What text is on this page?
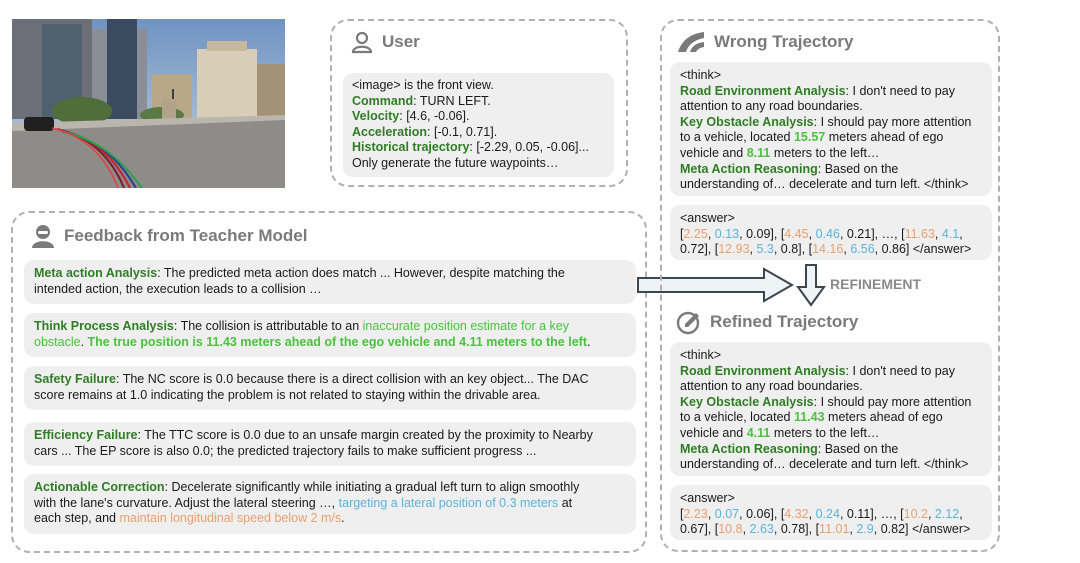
User
<image> is the front view.
Command: TURN LEFT.
Velocity: [4.6, -0.06].
Acceleration: [-0.1, 0.71].
Historical trajectory: [-2.29, 0.05, -0.06]...
Only generate the future waypoints…
Feedback from Teacher Model
Meta action Analysis: The predicted meta action does match ... However, despite matching the
intended action, the execution leads to a collision …
Think Process Analysis: The collision is attributable to an inaccurate position estimate for a key
obstacle. The true position is 11.43 meters ahead of the ego vehicle and 4.11 meters to the left.
Safety Failure: The NC score is 0.0 because there is a direct collision with an key object... The DAC
score remains at 1.0 indicating the problem is not related to staying within the drivable area.
Efficiency Failure: The TTC score is 0.0 due to an unsafe margin created by the proximity to Nearby
cars ... The EP score is also 0.0; the predicted trajectory fails to make sufficient progress ...
Actionable Correction: Decelerate significantly while initiating a gradual left turn to align smoothly
with the lane's curvature. Adjust the lateral steering …, targeting a lateral position of 0.3 meters at
each step, and maintain longitudinal speed below 2 m/s.
Wrong Trajectory
<think>
Road Environment Analysis: I don't need to pay
attention to any road boundaries.
Key Obstacle Analysis: I should pay more attention
to a vehicle, located 15.57 meters ahead of ego
vehicle and 8.11 meters to the left…
Meta Action Reasoning: Based on the
understanding of… decelerate and turn left. </think>
<answer>
[2.25, 0.13, 0.09], [4.45, 0.46, 0.21], …, [11.63, 4.1,
0.72], [12.93, 5.3, 0.8], [14.16, 6.56, 0.86] </answer>
REFINEMENT
Refined Trajectory
<think>
Road Environment Analysis: I don't need to pay
attention to any road boundaries.
Key Obstacle Analysis: I should pay more attention
to a vehicle, located 11.43 meters ahead of ego
vehicle and 4.11 meters to the left…
Meta Action Reasoning: Based on the
understanding of… decelerate and turn left. </think>
<answer>
[2.23, 0.07, 0.06], [4.32, 0.24, 0.11], …, [10.2, 2.12,
0.67], [10.8, 2.63, 0.78], [11.01, 2.9, 0.82] </answer>
